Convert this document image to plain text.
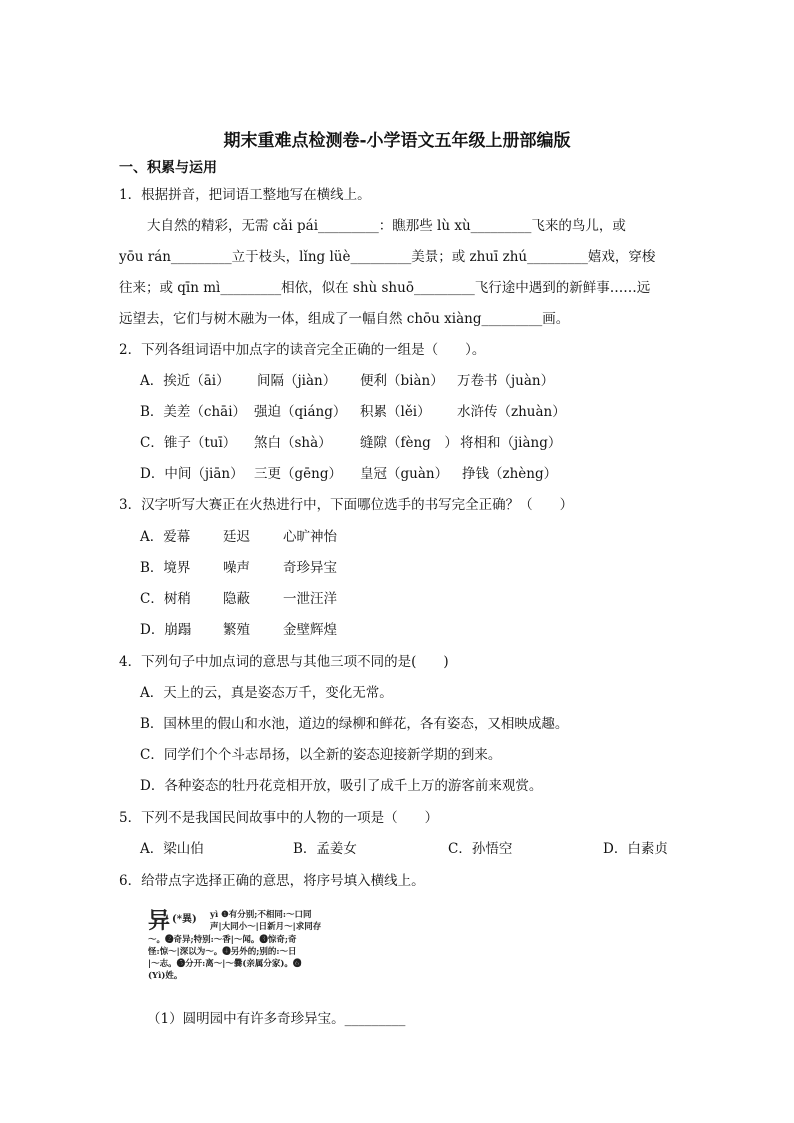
期末重难点检测卷-小学语文五年级上册部编版
一、积累与运用
1．根据拼音，把词语工整地写在横线上。
大自然的精彩，无需 cǎi pái_________：瞧那些 lù xù_________飞来的鸟儿，或
yōu rán_________立于枝头，lǐng lüè_________美景；或 zhuī zhú_________嬉戏，穿梭
往来；或 qīn mì_________相依，似在 shù shuō_________飞行途中遇到的新鲜事……远
远望去，它们与树木融为一体，组成了一幅自然 chōu xiàng_________画。
2．下列各组词语中加点字的读音完全正确的一组是（　　）。
A．挨近（āi） 间隔（jiàn） 便利（biàn） 万卷书（juàn）
B．美差（chāi） 强迫（qiáng） 积累（lěi） 水浒传（zhuàn）
C．锥子（tuī） 煞白（shà） 缝隙（fèng　） 将相和（jiàng）
D．中间（jiān） 三更（gēng） 皇冠（guàn） 挣钱（zhèng）
3．汉字听写大赛正在火热进行中，下面哪位选手的书写完全正确？（　　）
A．爱幕 廷迟 心旷神怡
B．境界 噪声 奇珍异宝
C．树稍 隐蔽 一泄汪洋
D．崩蹋 繁殖 金壁辉煌
4．下列句子中加点词的意思与其他三项不同的是(　　)
A．天上的云，真是姿态万千，变化无常。
B．国林里的假山和水池，道边的绿柳和鲜花，各有姿态，又相映成趣。
C．同学们个个斗志昂扬，以全新的姿态迎接新学期的到来。
D．各种姿态的牡丹花竞相开放，吸引了成千上万的游客前来观赏。
5．下列不是我国民间故事中的人物的一项是（　　）
A．梁山伯	B．孟姜女	C．孙悟空	D．白素贞
6．给带点字选择正确的意思，将序号填入横线上。
异 (*異) yì ❶有分别;不相同:～口同
声|大同小～|日新月～|求同存
～。❷奇异;特别:～香|～闻。❸惊奇;奇
怪:惊～|深以为～。❹另外的;别的:～日
|～志。❺分开:离～|～爨(亲属分家)。❻
(Yì)姓。
（1）圆明园中有许多奇珍异宝。_________
